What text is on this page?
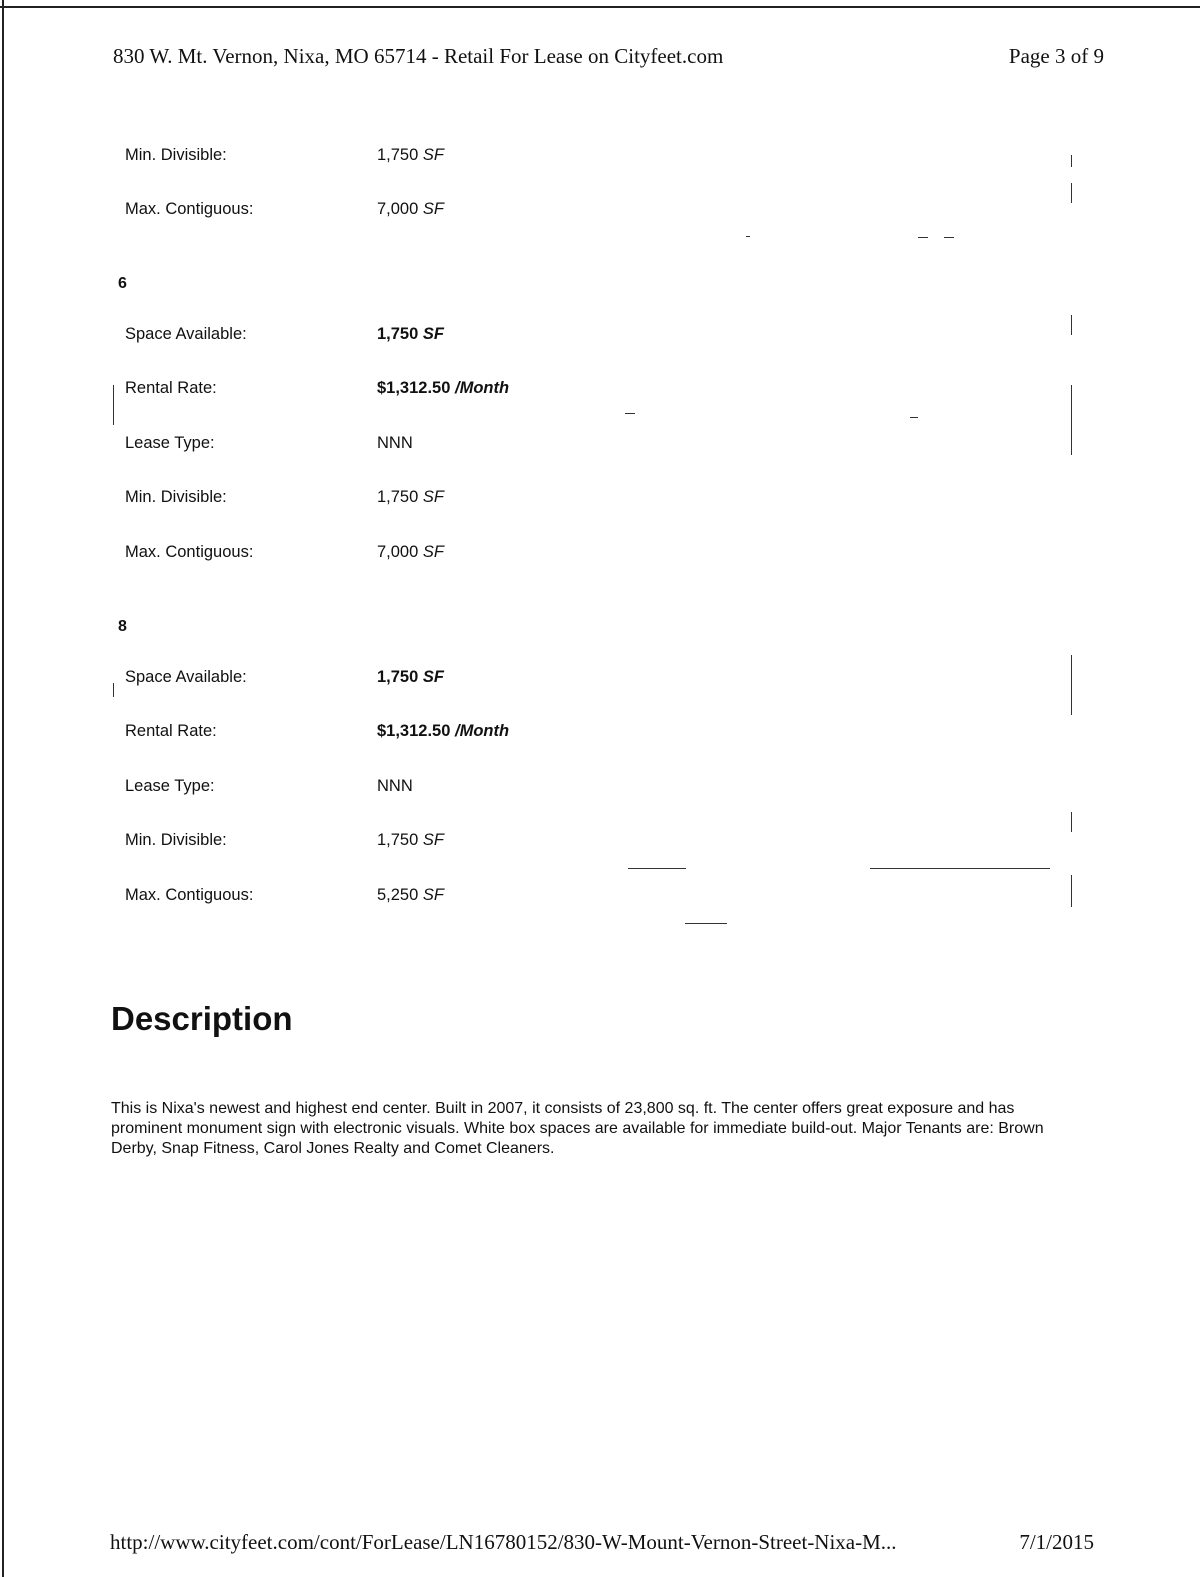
830 W. Mt. Vernon, Nixa, MO 65714 - Retail For Lease on Cityfeet.com	Page 3 of 9
Min. Divisible:	1,750 SF
Max. Contiguous:	7,000 SF
6
Space Available:	1,750 SF
Rental Rate:	$1,312.50 /Month
Lease Type:	NNN
Min. Divisible:	1,750 SF
Max. Contiguous:	7,000 SF
8
Space Available:	1,750 SF
Rental Rate:	$1,312.50 /Month
Lease Type:	NNN
Min. Divisible:	1,750 SF
Max. Contiguous:	5,250 SF
Description

This is Nixa's newest and highest end center. Built in 2007, it consists of 23,800 sq. ft. The center offers great exposure and has prominent monument sign with electronic visuals. White box spaces are available for immediate build-out. Major Tenants are: Brown Derby, Snap Fitness, Carol Jones Realty and Comet Cleaners.

http://www.cityfeet.com/cont/ForLease/LN16780152/830-W-Mount-Vernon-Street-Nixa-M...	7/1/2015
